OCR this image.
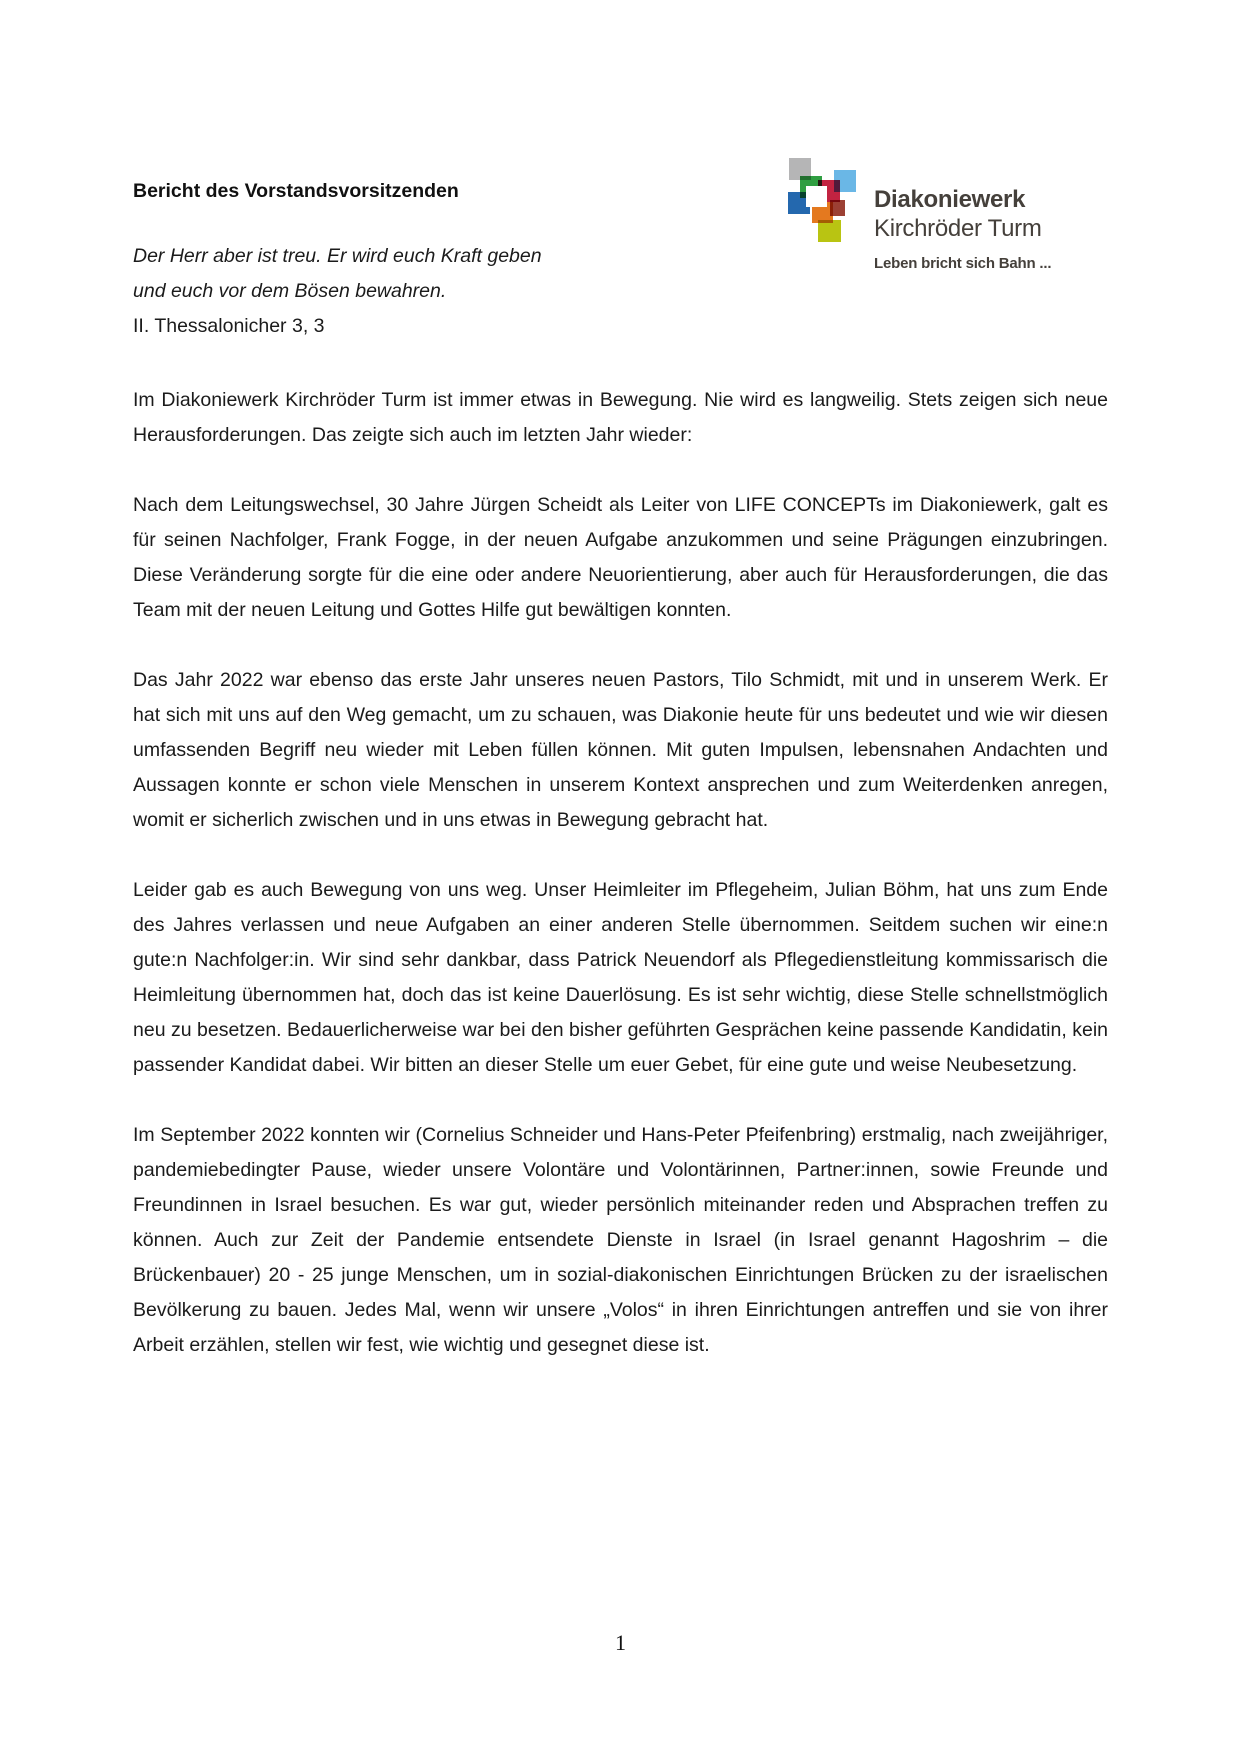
Bericht des Vorstandsvorsitzenden
Der Herr aber ist treu. Er wird euch Kraft geben
und euch vor dem Bösen bewahren.
II. Thessalonicher 3, 3
Diakoniewerk
Kirchröder Turm
Leben bricht sich Bahn ...

Im Diakoniewerk Kirchröder Turm ist immer etwas in Bewegung. Nie wird es langweilig. Stets zeigen sich neue Herausforderungen. Das zeigte sich auch im letzten Jahr wieder:

Nach dem Leitungswechsel, 30 Jahre Jürgen Scheidt als Leiter von LIFE CONCEPTs im Diakoniewerk, galt es für seinen Nachfolger, Frank Fogge, in der neuen Aufgabe anzukommen und seine Prägungen einzubringen. Diese Veränderung sorgte für die eine oder andere Neuorientierung, aber auch für Herausforderungen, die das Team mit der neuen Leitung und Gottes Hilfe gut bewältigen konnten.

Das Jahr 2022 war ebenso das erste Jahr unseres neuen Pastors, Tilo Schmidt, mit und in unserem Werk. Er hat sich mit uns auf den Weg gemacht, um zu schauen, was Diakonie heute für uns bedeutet und wie wir diesen umfassenden Begriff neu wieder mit Leben füllen können. Mit guten Impulsen, lebensnahen Andachten und Aussagen konnte er schon viele Menschen in unserem Kontext ansprechen und zum Weiterdenken anregen, womit er sicherlich zwischen und in uns etwas in Bewegung gebracht hat.

Leider gab es auch Bewegung von uns weg. Unser Heimleiter im Pflegeheim, Julian Böhm, hat uns zum Ende des Jahres verlassen und neue Aufgaben an einer anderen Stelle übernommen. Seitdem suchen wir eine:n gute:n Nachfolger:in. Wir sind sehr dankbar, dass Patrick Neuendorf als Pflegedienstleitung kommissarisch die Heimleitung übernommen hat, doch das ist keine Dauerlösung. Es ist sehr wichtig, diese Stelle schnellstmöglich neu zu besetzen. Bedauerlicherweise war bei den bisher geführten Gesprächen keine passende Kandidatin, kein passender Kandidat dabei. Wir bitten an dieser Stelle um euer Gebet, für eine gute und weise Neubesetzung.

Im September 2022 konnten wir (Cornelius Schneider und Hans-Peter Pfeifenbring) erstmalig, nach zweijähriger, pandemiebedingter Pause, wieder unsere Volontäre und Volontärinnen, Partner:innen, sowie Freunde und Freundinnen in Israel besuchen. Es war gut, wieder persönlich miteinander reden und Absprachen treffen zu können. Auch zur Zeit der Pandemie entsendete Dienste in Israel (in Israel genannt Hagoshrim – die Brückenbauer) 20 - 25 junge Menschen, um in sozial-diakonischen Einrichtungen Brücken zu der israelischen Bevölkerung zu bauen. Jedes Mal, wenn wir unsere „Volos“ in ihren Einrichtungen antreffen und sie von ihrer Arbeit erzählen, stellen wir fest, wie wichtig und gesegnet diese ist.

1
